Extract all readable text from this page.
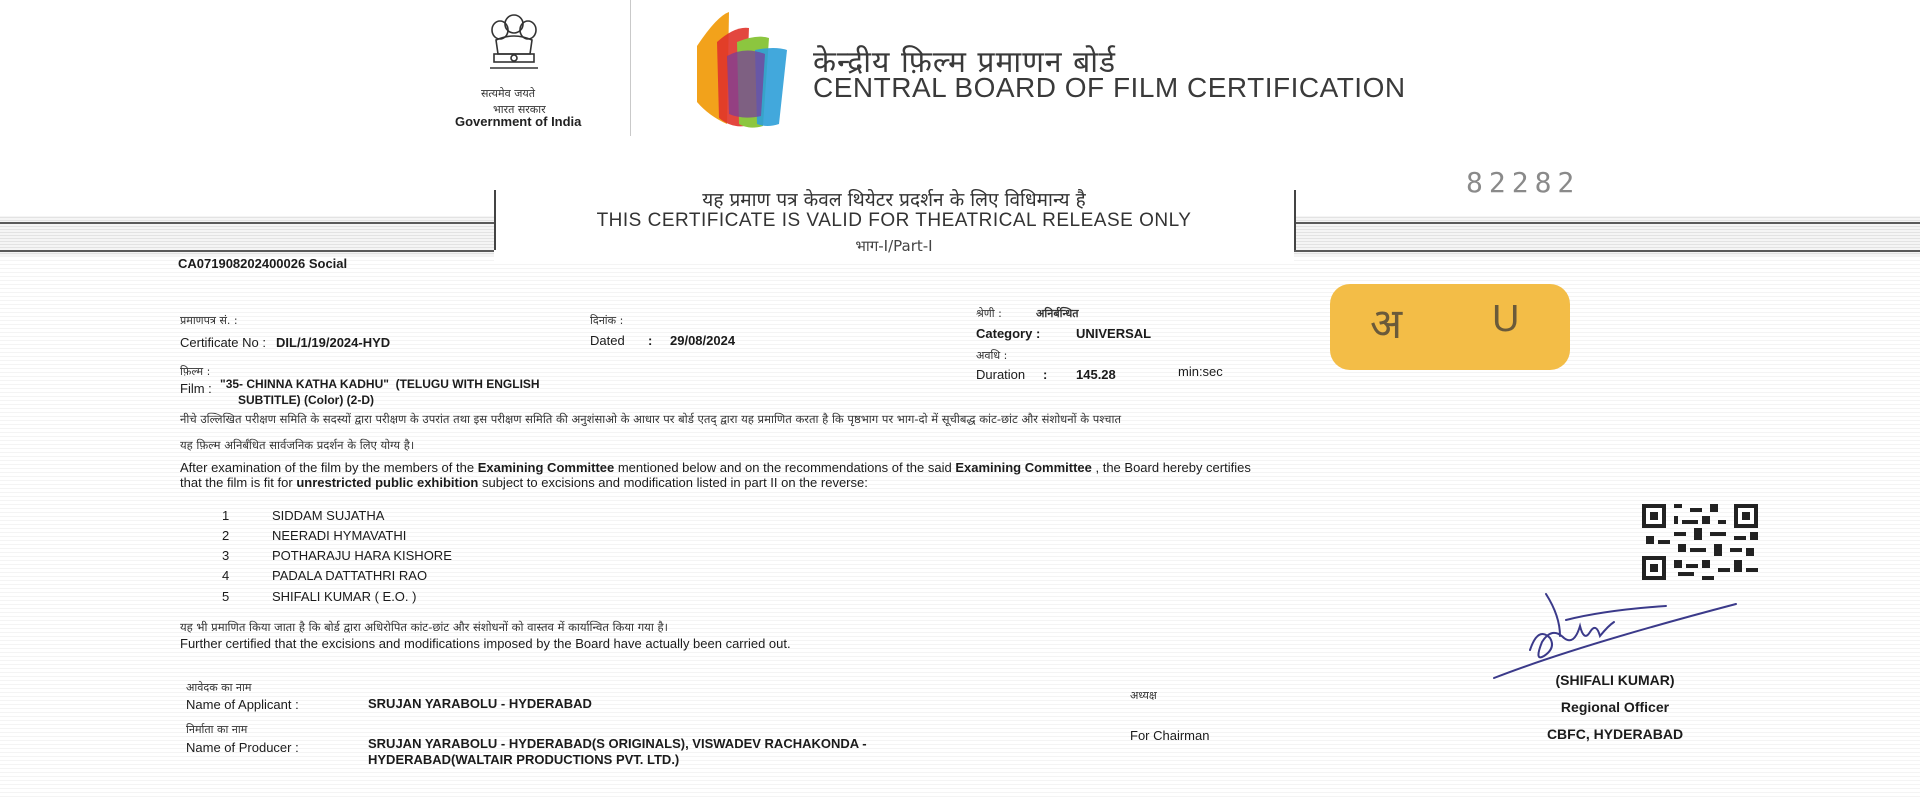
सत्यमेव जयते
भारत सरकार
Government of India
केन्द्रीय फ़िल्म प्रमाणन बोर्ड
CENTRAL BOARD OF FILM CERTIFICATION
82282
यह प्रमाण पत्र केवल थियेटर प्रदर्शन के लिए विधिमान्य है
THIS CERTIFICATE IS VALID FOR THEATRICAL RELEASE ONLY
भाग-I/Part-I
CA071908202400026 Social
प्रमाणपत्र सं. :
Certificate No : DIL/1/19/2024-HYD
दिनांक :
Dated : 29/08/2024
श्रेणी :	अनिर्बन्धित
Category :	UNIVERSAL
अवधि :
Duration : 145.28	min:sec
फ़िल्म :
Film : "35- CHINNA KATHA KADHU"  (TELUGU WITH ENGLISH
SUBTITLE) (Color) (2-D)
अ U
नीचे उल्लिखित परीक्षण समिति के सदस्यों द्वारा परीक्षण के उपरांत तथा इस परीक्षण समिति की अनुशंसाओ के आधार पर बोर्ड एतद् द्वारा यह प्रमाणित करता है कि पृष्ठभाग पर भाग-दो में सूचीबद्ध कांट-छांट और संशोधनों के पश्चात
यह फ़िल्म अनिर्बंधित सार्वजनिक प्रदर्शन के लिए योग्य है।
After examination of the film by the members of the Examining Committee mentioned below and on the recommendations of the said Examining Committee , the Board hereby certifies
that the film is fit for unrestricted public exhibition subject to excisions and modification listed in part II on the reverse:
1	SIDDAM SUJATHA
2	NEERADI HYMAVATHI
3	POTHARAJU HARA KISHORE
4	PADALA DATTATHRI RAO
5	SHIFALI KUMAR ( E.O. )
यह भी प्रमाणित किया जाता है कि बोर्ड द्वारा अधिरोपित कांट-छांट और संशोधनों को वास्तव में कार्यान्वित किया गया है।
Further certified that the excisions and modifications imposed by the Board have actually been carried out.
आवेदक का नाम
Name of Applicant :	SRUJAN YARABOLU - HYDERABAD
निर्माता का नाम
Name of Producer :	SRUJAN YARABOLU - HYDERABAD(S ORIGINALS), VISWADEV RACHAKONDA -
HYDERABAD(WALTAIR PRODUCTIONS PVT. LTD.)
अध्यक्ष
For Chairman
(SHIFALI KUMAR)
Regional Officer
CBFC, HYDERABAD
